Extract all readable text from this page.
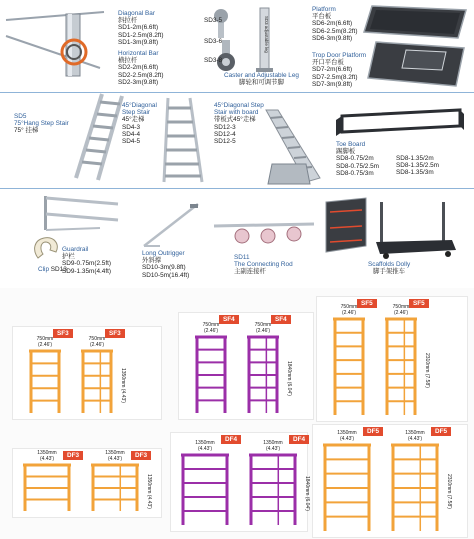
Diagonal Bar
斜拉杆
SD1-2m(6.6ft)
SD1-2.5m(8.2ft)
SD1-3m(9.8ft)
Horizontal Bar
横拉杆
SD2-2m(6.6ft)
SD2-2.5m(8.2ft)
SD2-3m(9.8ft)
SD3-5
SD3-6
SD3-8
SD3 adjustable leg
Caster and Adjustable Leg
脚轮和可调节脚
Platform
平台板
SD6-2m(6.6ft)
SD6-2.5m(8.2ft)
SD6-3m(9.8ft)
Trop Door Platform
开口平台板
SD7-2m(6.6ft)
SD7-2.5m(8.2ft)
SD7-3m(9.8ft)
SD5
75°Hang Step Stair
75° 挂梯
45°Diagonal
Step Stair
45°走梯
SD4-3
SD4-4
SD4-5
45°Diagonal Step
Stair with board
带板式45°走梯
SD12-3
SD12-4
SD12-5	Toe Board
踢脚板
SD8-0.75/2m
SD8-0.75/2.5m
SD8-0.75/3m
SD8-1.35/2m
SD8-1.35/2.5m
SD8-1.35/3m
Clip SD13
Guardrail
护栏
SD9-0.75m(2.5ft)
SD9-1.35m(4.4ft)
Long Outrigger
外斜撑
SD10-3m(9.8ft)
SD10-5m(16.4ft)
SD11
The Connecting Rod
主副连接杆
Scaffolds Dolly
脚手架推车
SF3	SF3
750mm
(2.46')
750mm
(2.46')
1350mm (4.43')
SF4	SF4
750mm
(2.46')
750mm
(2.46')
1840mm (6.04')
SF5	SF5
750mm
(2.46')
750mm
(2.46')
2310mm (7.58')
DF3	DF3
1350mm
(4.43')
1350mm
(4.43')
1350mm (4.43')
DF4	DF4
1350mm
(4.43')
1350mm
(4.43')
1840mm (6.04')
DF5	DF5
1350mm
(4.43')
1350mm
(4.43')
2310mm (7.58')
